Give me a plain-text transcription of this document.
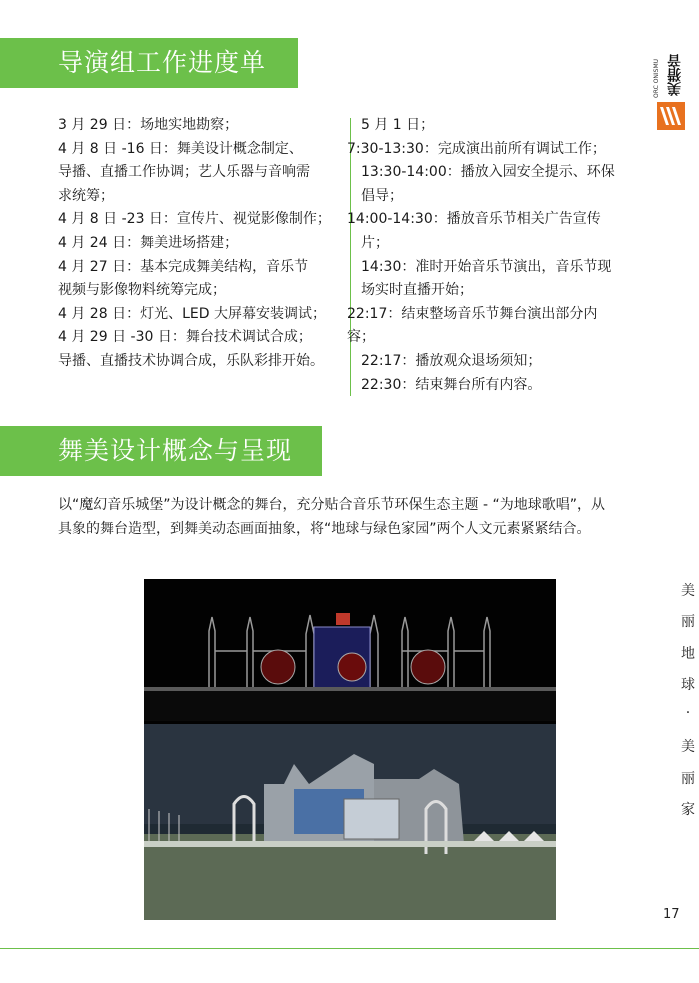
导演组工作进度单	美猎音
ORC ONISMU

3 月 29 日：场地实地勘察；

4 月 8 日 -16 日：舞美设计概念制定、

导播、直播工作协调；艺人乐器与音响需

求统筹；

4 月 8 日 -23 日：宣传片、视觉影像制作；

4 月 24 日：舞美进场搭建；

4 月 27 日：基本完成舞美结构，音乐节

视频与影像物料统筹完成；

4 月 28 日：灯光、LED 大屏幕安装调试；

4 月 29 日 -30 日：舞台技术调试合成；

导播、直播技术协调合成，乐队彩排开始。

5 月 1 日；

7:30-13:30：完成演出前所有调试工作；

13:30-14:00：播放入园安全提示、环保

倡导；

14:00-14:30：播放音乐节相关广告宣传

片；

14:30：准时开始音乐节演出，音乐节现

场实时直播开始；

22:17：结束整场音乐节舞台演出部分内

容；

22:17：播放观众退场须知；

22:30：结束舞台所有内容。

舞美设计概念与呈现

以“魔幻音乐城堡”为设计概念的舞台，充分贴合音乐节环保生态主题 - “为地球歌唱”，从具象的舞台造型，到舞美动态画面抽象，将“地球与绿色家园”两个人文元素紧紧结合。

美
丽
地
球
·
美
丽
家
17
